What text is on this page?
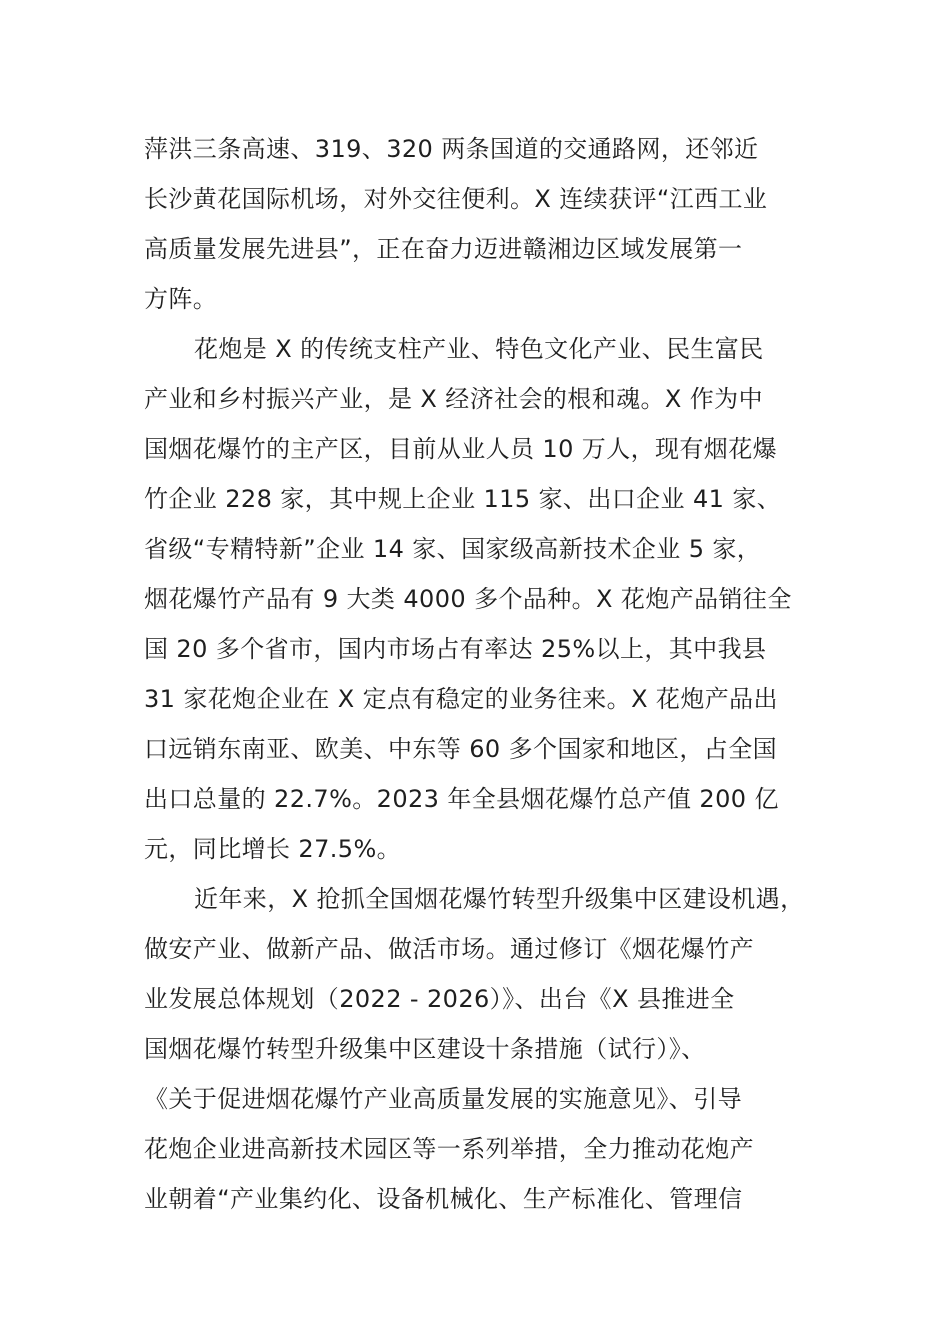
萍洪三条高速、319、320 两条国道的交通路网，还邻近
长沙黄花国际机场，对外交往便利。X 连续获评“江西工业
高质量发展先进县”，正在奋力迈进赣湘边区域发展第一
方阵。
花炮是 X 的传统支柱产业、特色文化产业、民生富民
产业和乡村振兴产业，是 X 经济社会的根和魂。X 作为中
国烟花爆竹的主产区，目前从业人员 10 万人，现有烟花爆
竹企业 228 家，其中规上企业 115 家、出口企业 41 家、
省级“专精特新”企业 14 家、国家级高新技术企业 5 家，
烟花爆竹产品有 9 大类 4000 多个品种。X 花炮产品销往全
国 20 多个省市，国内市场占有率达 25%以上，其中我县
31 家花炮企业在 X 定点有稳定的业务往来。X 花炮产品出
口远销东南亚、欧美、中东等 60 多个国家和地区，占全国
出口总量的 22.7%。2023 年全县烟花爆竹总产值 200 亿
元，同比增长 27.5%。
近年来，X 抢抓全国烟花爆竹转型升级集中区建设机遇，
做安产业、做新产品、做活市场。通过修订《烟花爆竹产
业发展总体规划（2022 - 2026）》、出台《X 县推进全
国烟花爆竹转型升级集中区建设十条措施（试行）》、
《关于促进烟花爆竹产业高质量发展的实施意见》、引导
花炮企业进高新技术园区等一系列举措，全力推动花炮产
业朝着“产业集约化、设备机械化、生产标准化、管理信
